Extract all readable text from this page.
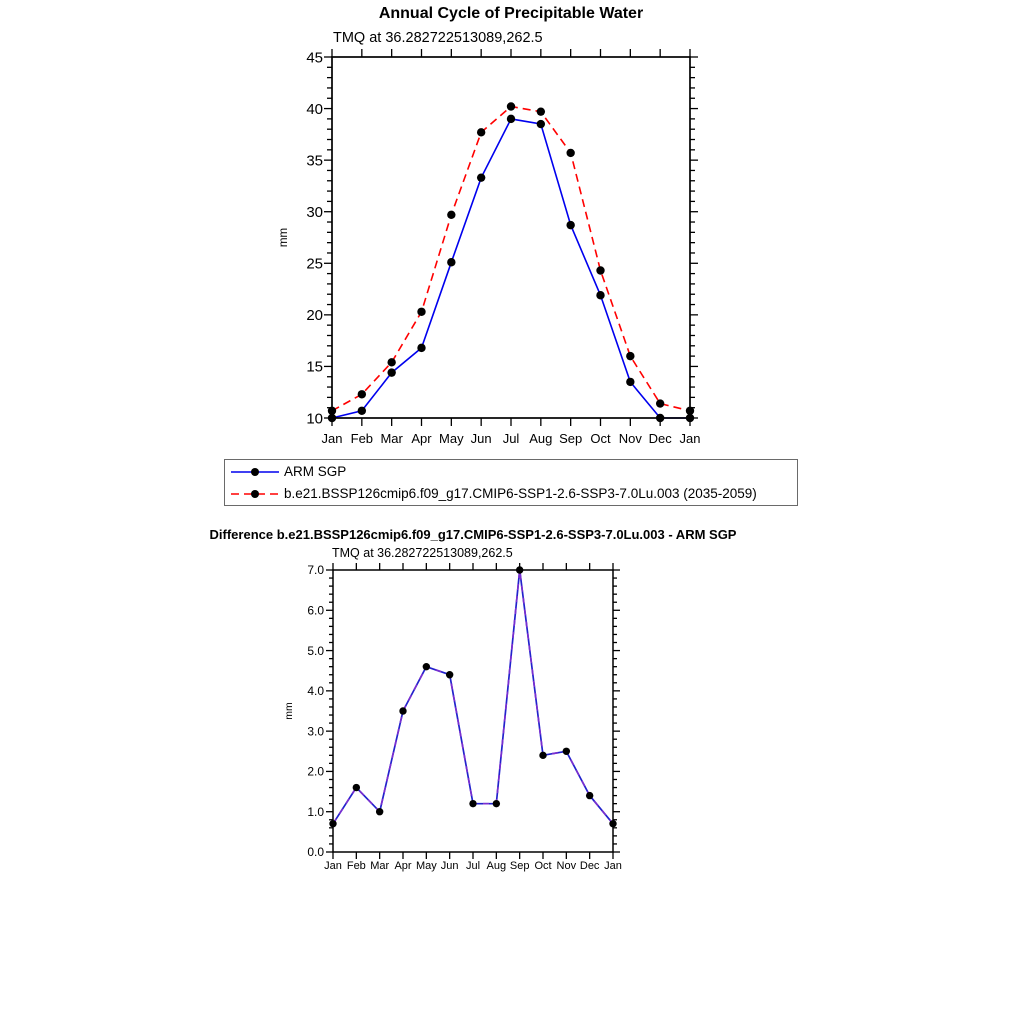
Annual Cycle of Precipitable Water
TMQ at 36.282722513089,262.5
10
15
20
25
30
35
40
45
Jan Feb Mar Apr May Jun Jul Aug Sep Oct Nov Dec Jan
mm
ARM SGP
b.e21.BSSP126cmip6.f09_g17.CMIP6-SSP1-2.6-SSP3-7.0Lu.003 (2035-2059)
Difference b.e21.BSSP126cmip6.f09_g17.CMIP6-SSP1-2.6-SSP3-7.0Lu.003 - ARM SGP
TMQ at 36.282722513089,262.5
0.0
1.0
2.0
3.0
4.0
5.0
6.0
7.0
Jan Feb Mar Apr May Jun Jul Aug Sep Oct Nov Dec Jan
mm
